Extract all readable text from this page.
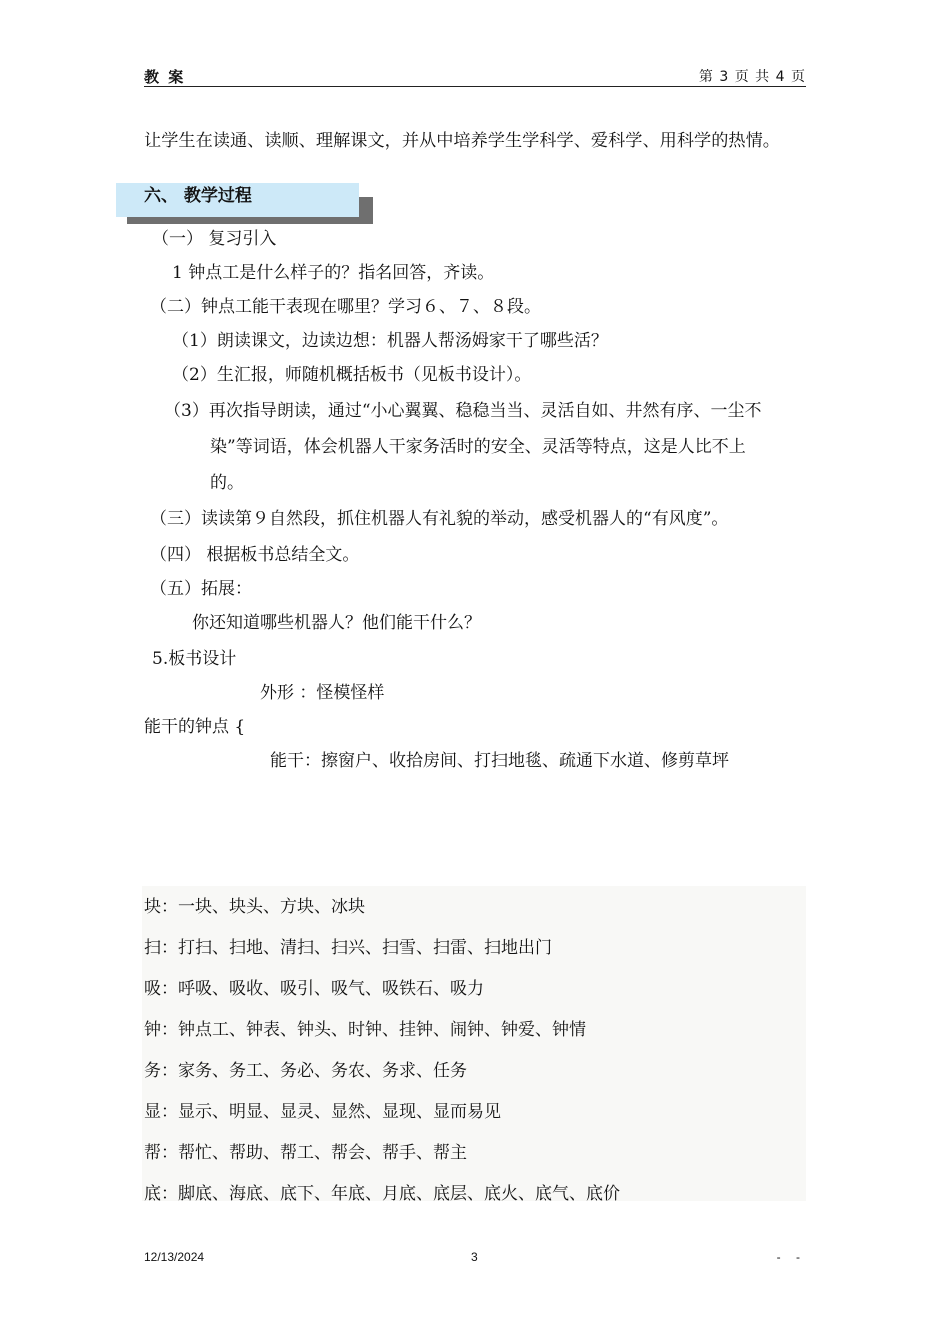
教 案	第 3 页 共 4 页
让学生在读通、读顺、理解课文，并从中培养学生学科学、爱科学、用科学的热情。
六、 教学过程
（一） 复习引入
1 钟点工是什么样子的？指名回答，齐读。
（二）钟点工能干表现在哪里？学习６、７、８段。
（1）朗读课文，边读边想：机器人帮汤姆家干了哪些活？
（2）生汇报，师随机概括板书（见板书设计）。
（3）再次指导朗读，通过“小心翼翼、稳稳当当、灵活自如、井然有序、一尘不
染”等词语，体会机器人干家务活时的安全、灵活等特点，这是人比不上
的。
（三）读读第９自然段，抓住机器人有礼貌的举动，感受机器人的“有风度”。
（四） 根据板书总结全文。
（五）拓展：
你还知道哪些机器人？他们能干什么？
5.板书设计
外形 ：怪模怪样
能干的钟点 {
能干：擦窗户、收拾房间、打扫地毯、疏通下水道、修剪草坪
块：一块、块头、方块、冰块
扫：打扫、扫地、清扫、扫兴、扫雪、扫雷、扫地出门
吸：呼吸、吸收、吸引、吸气、吸铁石、吸力
钟：钟点工、钟表、钟头、时钟、挂钟、闹钟、钟爱、钟情
务：家务、务工、务必、务农、务求、任务
显：显示、明显、显灵、显然、显现、显而易见
帮：帮忙、帮助、帮工、帮会、帮手、帮主
底：脚底、海底、底下、年底、月底、底层、底火、底气、底价
12/13/2024	3	- -
